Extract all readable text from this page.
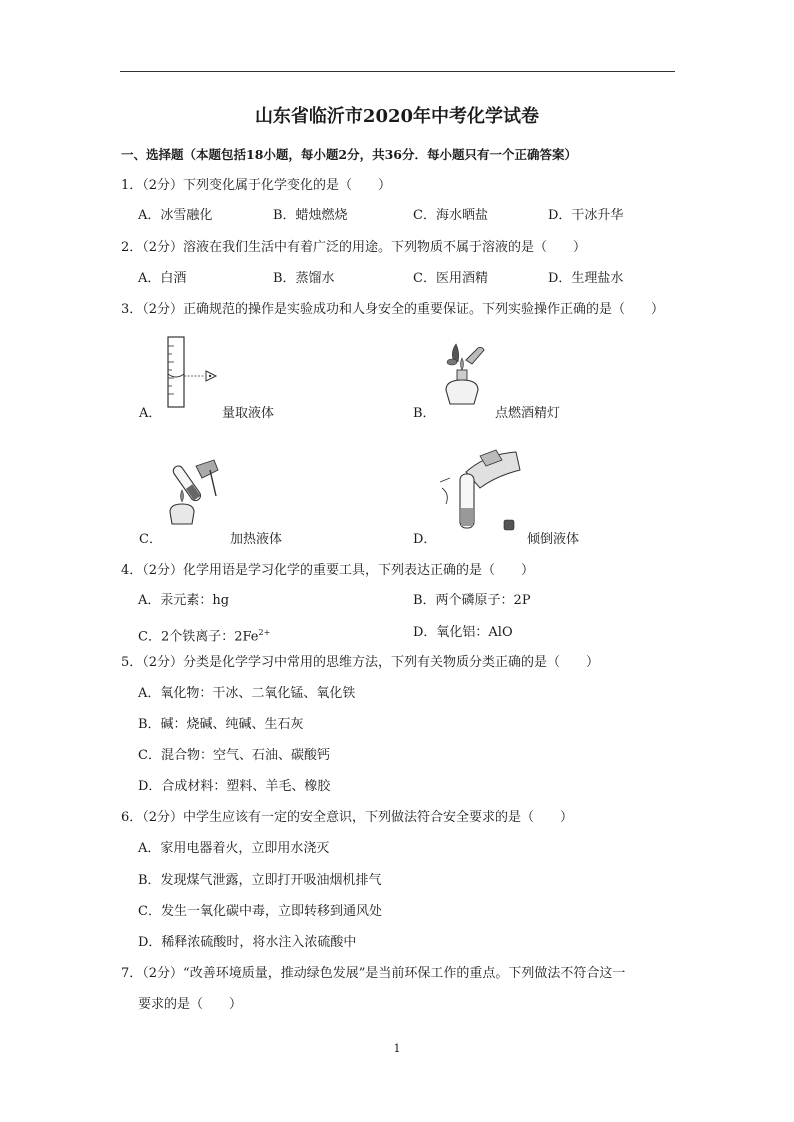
山东省临沂市2020年中考化学试卷
一、选择题（本题包括18小题，每小题2分，共36分．每小题只有一个正确答案）
1．（2分）下列变化属于化学变化的是（　　）
A．冰雪融化	B．蜡烛燃烧	C．海水晒盐	D．干冰升华
2．（2分）溶液在我们生活中有着广泛的用途。下列物质不属于溶液的是（　　）
A．白酒	B．蒸馏水	C．医用酒精	D．生理盐水
3．（2分）正确规范的操作是实验成功和人身安全的重要保证。下列实验操作正确的是（　　）
A．	量取液体	B．	点燃酒精灯
C．	加热液体	D．	倾倒液体
4．（2分）化学用语是学习化学的重要工具，下列表达正确的是（　　）
A．汞元素：hg	B．两个磷原子：2P
C．2个铁离子：$2Fe^{2+}$	D．氧化铝：AlO
5．（2分）分类是化学学习中常用的思维方法，下列有关物质分类正确的是（　　）
A．氧化物：干冰、二氧化锰、氧化铁
B．碱：烧碱、纯碱、生石灰
C．混合物：空气、石油、碳酸钙
D．合成材料：塑料、羊毛、橡胶
6．（2分）中学生应该有一定的安全意识，下列做法符合安全要求的是（　　）
A．家用电器着火，立即用水浇灭
B．发现煤气泄露，立即打开吸油烟机排气
C．发生一氧化碳中毒，立即转移到通风处
D．稀释浓硫酸时，将水注入浓硫酸中
7．（2分）“改善环境质量，推动绿色发展”是当前环保工作的重点。下列做法不符合这一
要求的是（　　）
1
